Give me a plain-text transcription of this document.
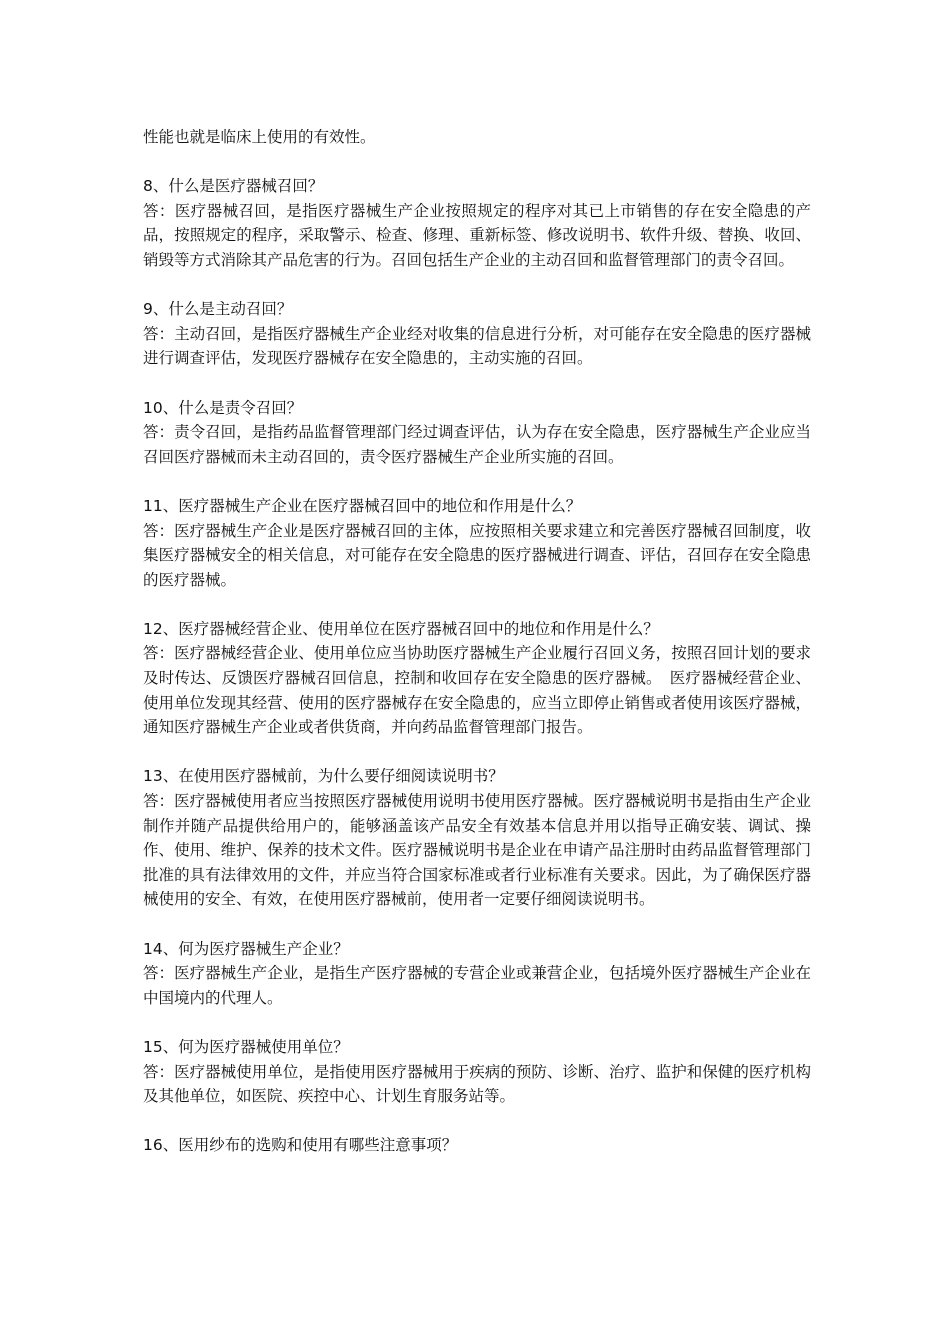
性能也就是临床上使用的有效性。

8、什么是医疗器械召回？

答：医疗器械召回，是指医疗器械生产企业按照规定的程序对其已上市销售的存在安全隐患的产品，按照规定的程序，采取警示、检查、修理、重新标签、修改说明书、软件升级、替换、收回、销毁等方式消除其产品危害的行为。召回包括生产企业的主动召回和监督管理部门的责令召回。

9、什么是主动召回？

答：主动召回，是指医疗器械生产企业经对收集的信息进行分析，对可能存在安全隐患的医疗器械进行调查评估，发现医疗器械存在安全隐患的，主动实施的召回。

10、什么是责令召回？

答：责令召回，是指药品监督管理部门经过调查评估，认为存在安全隐患，医疗器械生产企业应当召回医疗器械而未主动召回的，责令医疗器械生产企业所实施的召回。

11、医疗器械生产企业在医疗器械召回中的地位和作用是什么？

答：医疗器械生产企业是医疗器械召回的主体，应按照相关要求建立和完善医疗器械召回制度，收集医疗器械安全的相关信息，对可能存在安全隐患的医疗器械进行调查、评估，召回存在安全隐患的医疗器械。

12、医疗器械经营企业、使用单位在医疗器械召回中的地位和作用是什么？

答：医疗器械经营企业、使用单位应当协助医疗器械生产企业履行召回义务，按照召回计划的要求及时传达、反馈医疗器械召回信息，控制和收回存在安全隐患的医疗器械。　医疗器械经营企业、使用单位发现其经营、使用的医疗器械存在安全隐患的，应当立即停止销售或者使用该医疗器械，通知医疗器械生产企业或者供货商，并向药品监督管理部门报告。

13、在使用医疗器械前，为什么要仔细阅读说明书？

答：医疗器械使用者应当按照医疗器械使用说明书使用医疗器械。医疗器械说明书是指由生产企业制作并随产品提供给用户的，能够涵盖该产品安全有效基本信息并用以指导正确安装、调试、操作、使用、维护、保养的技术文件。医疗器械说明书是企业在申请产品注册时由药品监督管理部门批准的具有法律效用的文件，并应当符合国家标准或者行业标准有关要求。因此，为了确保医疗器械使用的安全、有效，在使用医疗器械前，使用者一定要仔细阅读说明书。

14、何为医疗器械生产企业？

答：医疗器械生产企业，是指生产医疗器械的专营企业或兼营企业，包括境外医疗器械生产企业在中国境内的代理人。

15、何为医疗器械使用单位？

答：医疗器械使用单位，是指使用医疗器械用于疾病的预防、诊断、治疗、监护和保健的医疗机构及其他单位，如医院、疾控中心、计划生育服务站等。

16、医用纱布的选购和使用有哪些注意事项？
